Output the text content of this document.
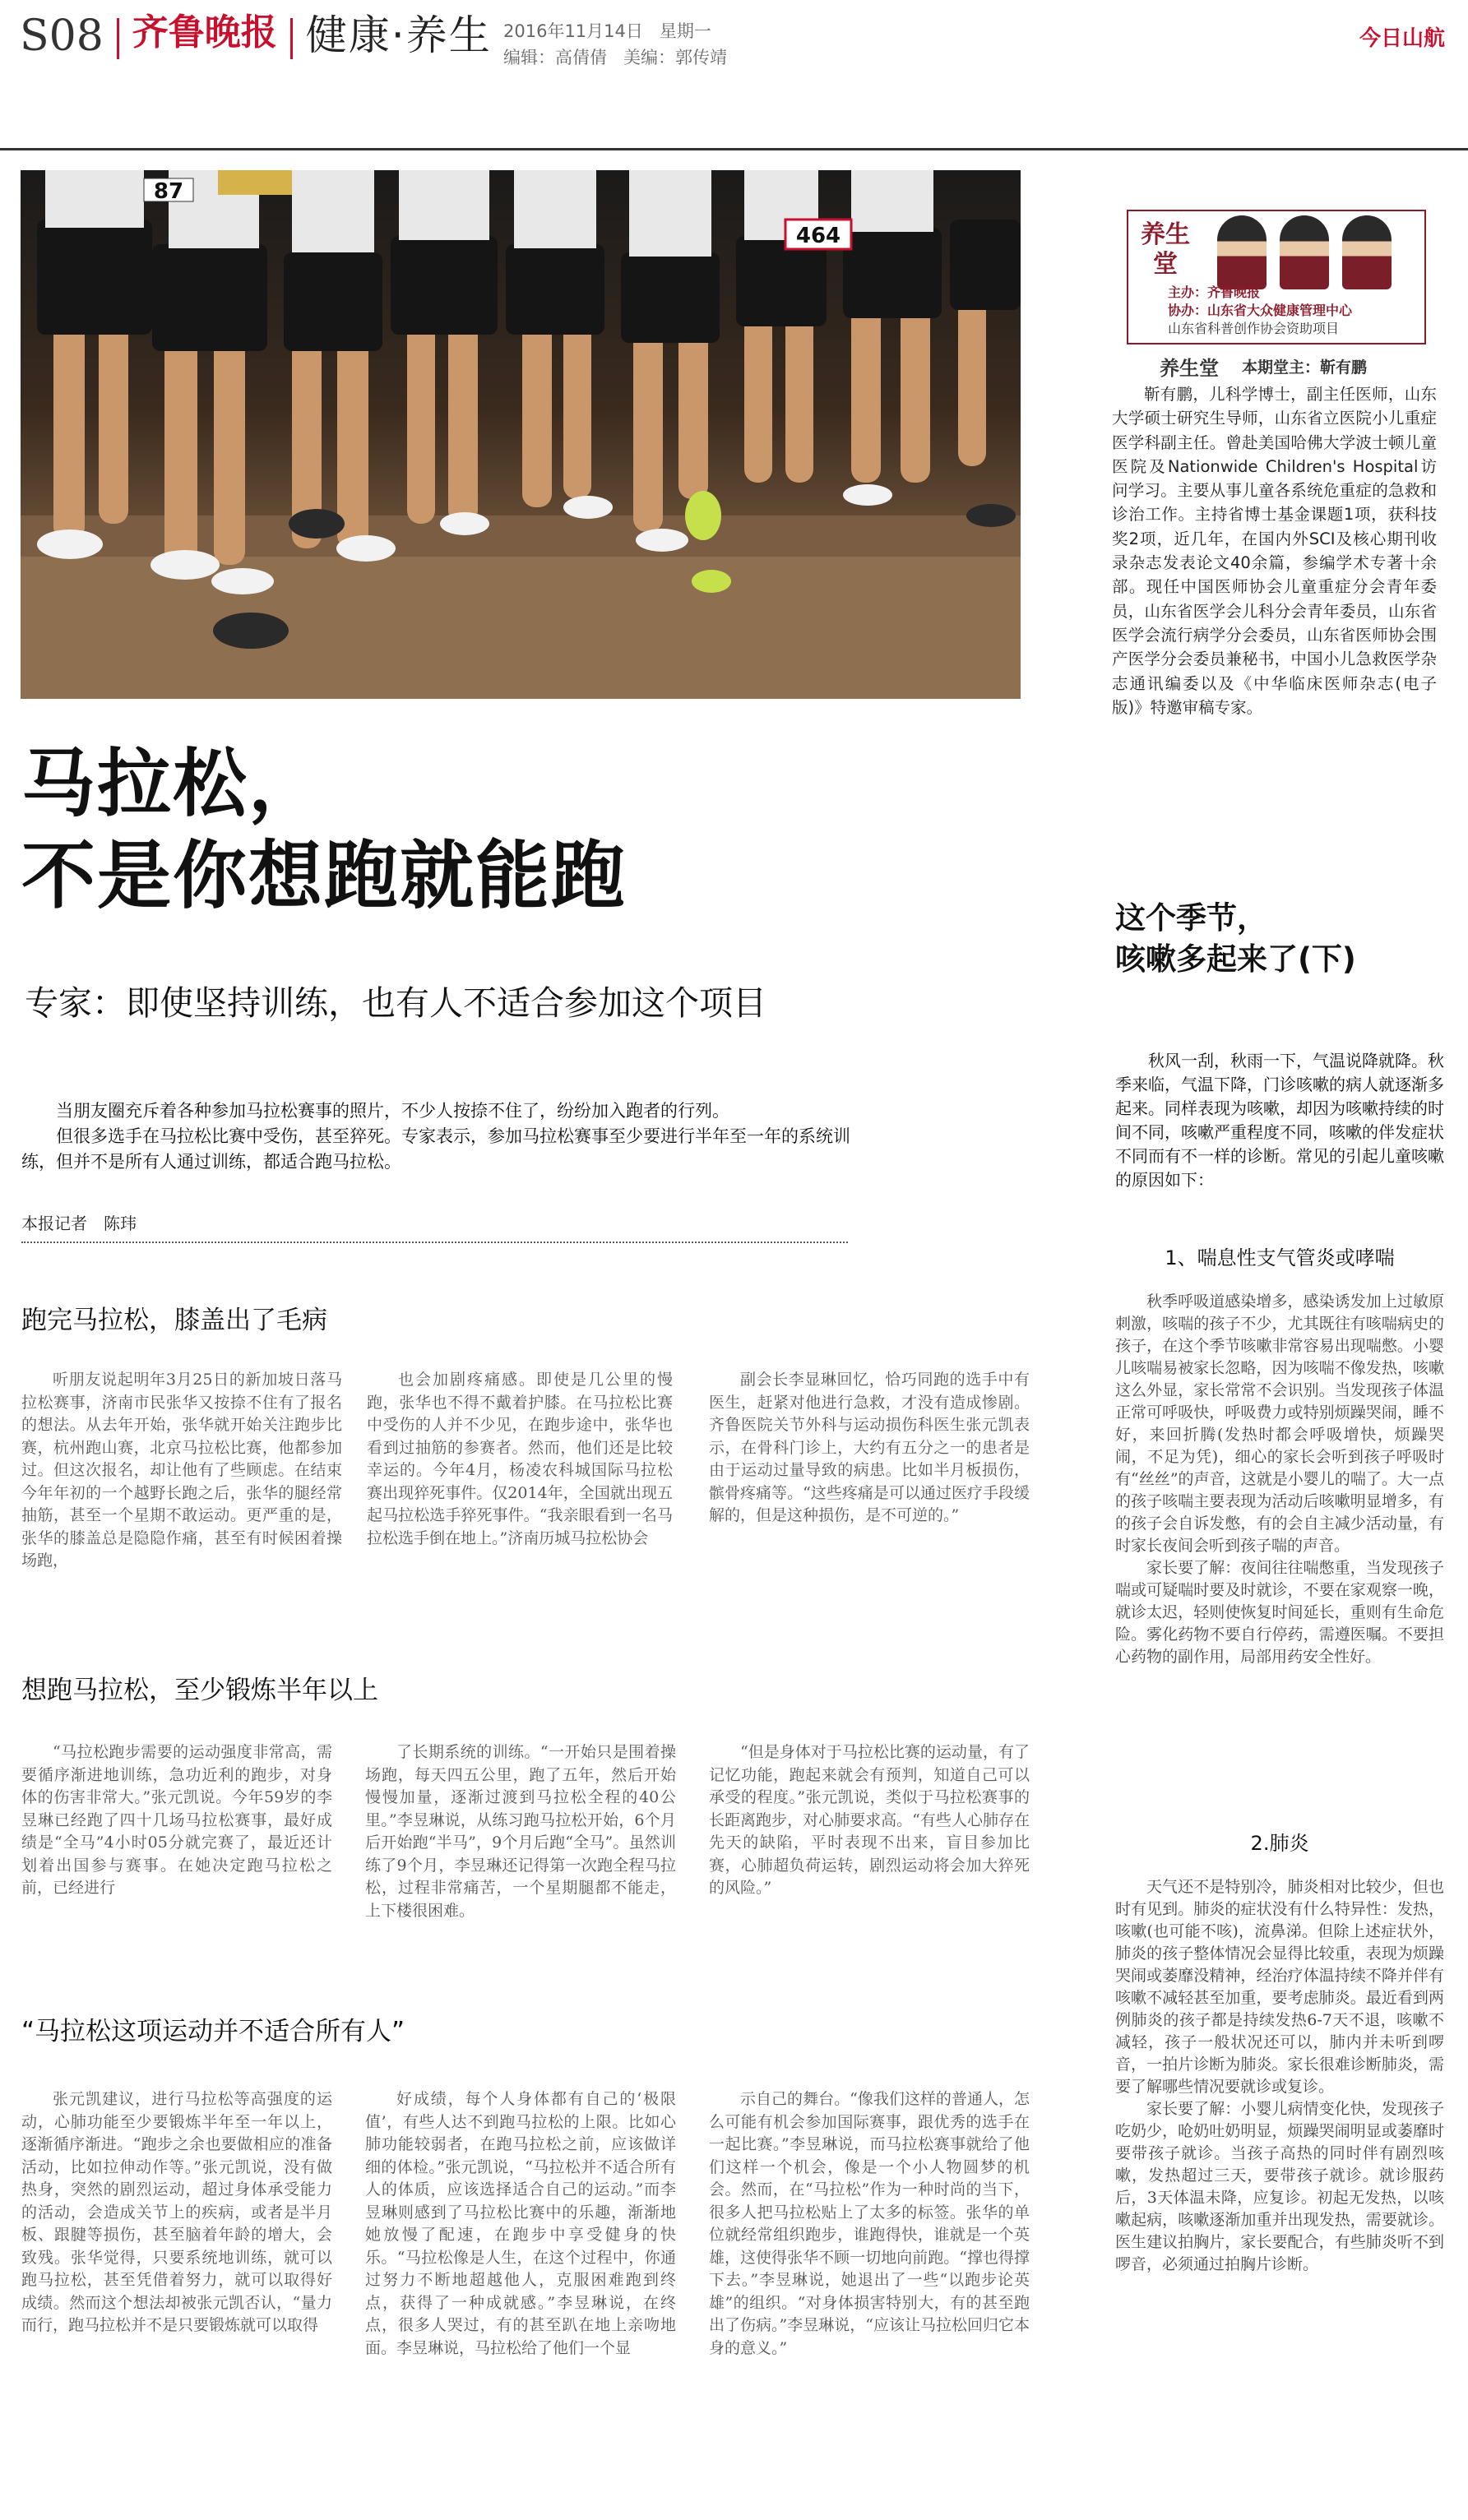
S08 齐鲁晚报 健康·养生 2016年11月14日 星期一
编辑：高倩倩 美编：郭传靖
今日山航
87
464	养生堂
主办：齐鲁晚报
协办：山东省大众健康管理中心
山东省科普创作协会资助项目
养生堂 本期堂主：靳有鹏
靳有鹏，儿科学博士，副主任医师，山东大学硕士研究生导师，山东省立医院小儿重症医学科副主任。曾赴美国哈佛大学波士顿儿童医院及Nationwide Children's Hospital访问学习。主要从事儿童各系统危重症的急救和诊治工作。主持省博士基金课题1项，获科技奖2项，近几年，在国内外SCI及核心期刊收录杂志发表论文40余篇，参编学术专著十余部。现任中国医师协会儿童重症分会青年委员，山东省医学会儿科分会青年委员，山东省医学会流行病学分会委员，山东省医师协会围产医学分会委员兼秘书，中国小儿急救医学杂志通讯编委以及《中华临床医师杂志(电子版)》特邀审稿专家。
马拉松，
不是你想跑就能跑
专家：即使坚持训练，也有人不适合参加这个项目

当朋友圈充斥着各种参加马拉松赛事的照片，不少人按捺不住了，纷纷加入跑者的行列。

但很多选手在马拉松比赛中受伤，甚至猝死。专家表示，参加马拉松赛事至少要进行半年至一年的系统训练，但并不是所有人通过训练，都适合跑马拉松。

本报记者　陈玮
跑完马拉松，膝盖出了毛病
听朋友说起明年3月25日的新加坡日落马拉松赛事，济南市民张华又按捺不住有了报名的想法。从去年开始，张华就开始关注跑步比赛，杭州跑山赛，北京马拉松比赛，他都参加过。但这次报名，却让他有了些顾虑。在结束今年年初的一个越野长跑之后，张华的腿经常抽筋，甚至一个星期不敢运动。更严重的是，张华的膝盖总是隐隐作痛，甚至有时候困着操场跑，
也会加剧疼痛感。即使是几公里的慢跑，张华也不得不戴着护膝。在马拉松比赛中受伤的人并不少见，在跑步途中，张华也看到过抽筋的参赛者。然而，他们还是比较幸运的。今年4月，杨凌农科城国际马拉松赛出现猝死事件。仅2014年，全国就出现五起马拉松选手猝死事件。“我亲眼看到一名马拉松选手倒在地上。”济南历城马拉松协会
副会长李显琳回忆，恰巧同跑的选手中有医生，赶紧对他进行急救，才没有造成惨剧。齐鲁医院关节外科与运动损伤科医生张元凯表示，在骨科门诊上，大约有五分之一的患者是由于运动过量导致的病患。比如半月板损伤，髌骨疼痛等。“这些疼痛是可以通过医疗手段缓解的，但是这种损伤，是不可逆的。”
想跑马拉松，至少锻炼半年以上
“马拉松跑步需要的运动强度非常高，需要循序渐进地训练，急功近利的跑步，对身体的伤害非常大。”张元凯说。今年59岁的李昱琳已经跑了四十几场马拉松赛事，最好成绩是“全马”4小时05分就完赛了，最近还计划着出国参与赛事。在她决定跑马拉松之前，已经进行
了长期系统的训练。“一开始只是围着操场跑，每天四五公里，跑了五年，然后开始慢慢加量，逐渐过渡到马拉松全程的40公里。”李昱琳说，从练习跑马拉松开始，6个月后开始跑“半马”，9个月后跑“全马”。虽然训练了9个月，李昱琳还记得第一次跑全程马拉松，过程非常痛苦，一个星期腿都不能走，上下楼很困难。
“但是身体对于马拉松比赛的运动量，有了记忆功能，跑起来就会有预判，知道自己可以承受的程度。”张元凯说，类似于马拉松赛事的长距离跑步，对心肺要求高。“有些人心肺存在先天的缺陷，平时表现不出来，盲目参加比赛，心肺超负荷运转，剧烈运动将会加大猝死的风险。”
“马拉松这项运动并不适合所有人”
张元凯建议，进行马拉松等高强度的运动，心肺功能至少要锻炼半年至一年以上，逐渐循序渐进。“跑步之余也要做相应的准备活动，比如拉伸动作等。”张元凯说，没有做热身，突然的剧烈运动，超过身体承受能力的活动，会造成关节上的疾病，或者是半月板、跟腱等损伤，甚至脑着年龄的增大，会致残。张华觉得，只要系统地训练，就可以跑马拉松，甚至凭借着努力，就可以取得好成绩。然而这个想法却被张元凯否认，“量力而行，跑马拉松并不是只要锻炼就可以取得
好成绩，每个人身体都有自己的‘极限值’，有些人达不到跑马拉松的上限。比如心肺功能较弱者，在跑马拉松之前，应该做详细的体检。”张元凯说，“马拉松并不适合所有人的体质，应该选择适合自己的运动。”而李昱琳则感到了马拉松比赛中的乐趣，渐渐地她放慢了配速，在跑步中享受健身的快乐。“马拉松像是人生，在这个过程中，你通过努力不断地超越他人，克服困难跑到终点，获得了一种成就感。”李昱琳说，在终点，很多人哭过，有的甚至趴在地上亲吻地面。李昱琳说，马拉松给了他们一个显
示自己的舞台。“像我们这样的普通人，怎么可能有机会参加国际赛事，跟优秀的选手在一起比赛。”李昱琳说，而马拉松赛事就给了他们这样一个机会，像是一个小人物圆梦的机会。然而，在“马拉松”作为一种时尚的当下，很多人把马拉松贴上了太多的标签。张华的单位就经常组织跑步，谁跑得快，谁就是一个英雄，这使得张华不顾一切地向前跑。“撑也得撑下去。”李昱琳说，她退出了一些“以跑步论英雄”的组织。“对身体损害特别大，有的甚至跑出了伤病。”李昱琳说，“应该让马拉松回归它本身的意义。”
这个季节，
咳嗽多起来了(下)
秋风一刮，秋雨一下，气温说降就降。秋季来临，气温下降，门诊咳嗽的病人就逐渐多起来。同样表现为咳嗽，却因为咳嗽持续的时间不同，咳嗽严重程度不同，咳嗽的伴发症状不同而有不一样的诊断。常见的引起儿童咳嗽的原因如下：
1、喘息性支气管炎或哮喘

秋季呼吸道感染增多，感染诱发加上过敏原刺激，咳喘的孩子不少，尤其既往有咳喘病史的孩子，在这个季节咳嗽非常容易出现喘憋。小婴儿咳喘易被家长忽略，因为咳喘不像发热，咳嗽这么外显，家长常常不会识别。当发现孩子体温正常可呼吸快，呼吸费力或特别烦躁哭闹，睡不好，来回折腾(发热时都会呼吸增快，烦躁哭闹，不足为凭)，细心的家长会听到孩子呼吸时有“丝丝”的声音，这就是小婴儿的喘了。大一点的孩子咳喘主要表现为活动后咳嗽明显增多，有的孩子会自诉发憋，有的会自主减少活动量，有时家长夜间会听到孩子喘的声音。

家长要了解：夜间往往喘憋重，当发现孩子喘或可疑喘时要及时就诊，不要在家观察一晚，就诊太迟，轻则使恢复时间延长，重则有生命危险。雾化药物不要自行停药，需遵医嘱。不要担心药物的副作用，局部用药安全性好。

2.肺炎

天气还不是特别冷，肺炎相对比较少，但也时有见到。肺炎的症状没有什么特异性：发热，咳嗽(也可能不咳)，流鼻涕。但除上述症状外，肺炎的孩子整体情况会显得比较重，表现为烦躁哭闹或萎靡没精神，经治疗体温持续不降并伴有咳嗽不减轻甚至加重，要考虑肺炎。最近看到两例肺炎的孩子都是持续发热6-7天不退，咳嗽不减轻，孩子一般状况还可以，肺内并未听到啰音，一拍片诊断为肺炎。家长很难诊断肺炎，需要了解哪些情况要就诊或复诊。

家长要了解：小婴儿病情变化快，发现孩子吃奶少，呛奶吐奶明显，烦躁哭闹明显或萎靡时要带孩子就诊。当孩子高热的同时伴有剧烈咳嗽，发热超过三天，要带孩子就诊。就诊服药后，3天体温未降，应复诊。初起无发热，以咳嗽起病，咳嗽逐渐加重并出现发热，需要就诊。医生建议拍胸片，家长要配合，有些肺炎听不到啰音，必须通过拍胸片诊断。
